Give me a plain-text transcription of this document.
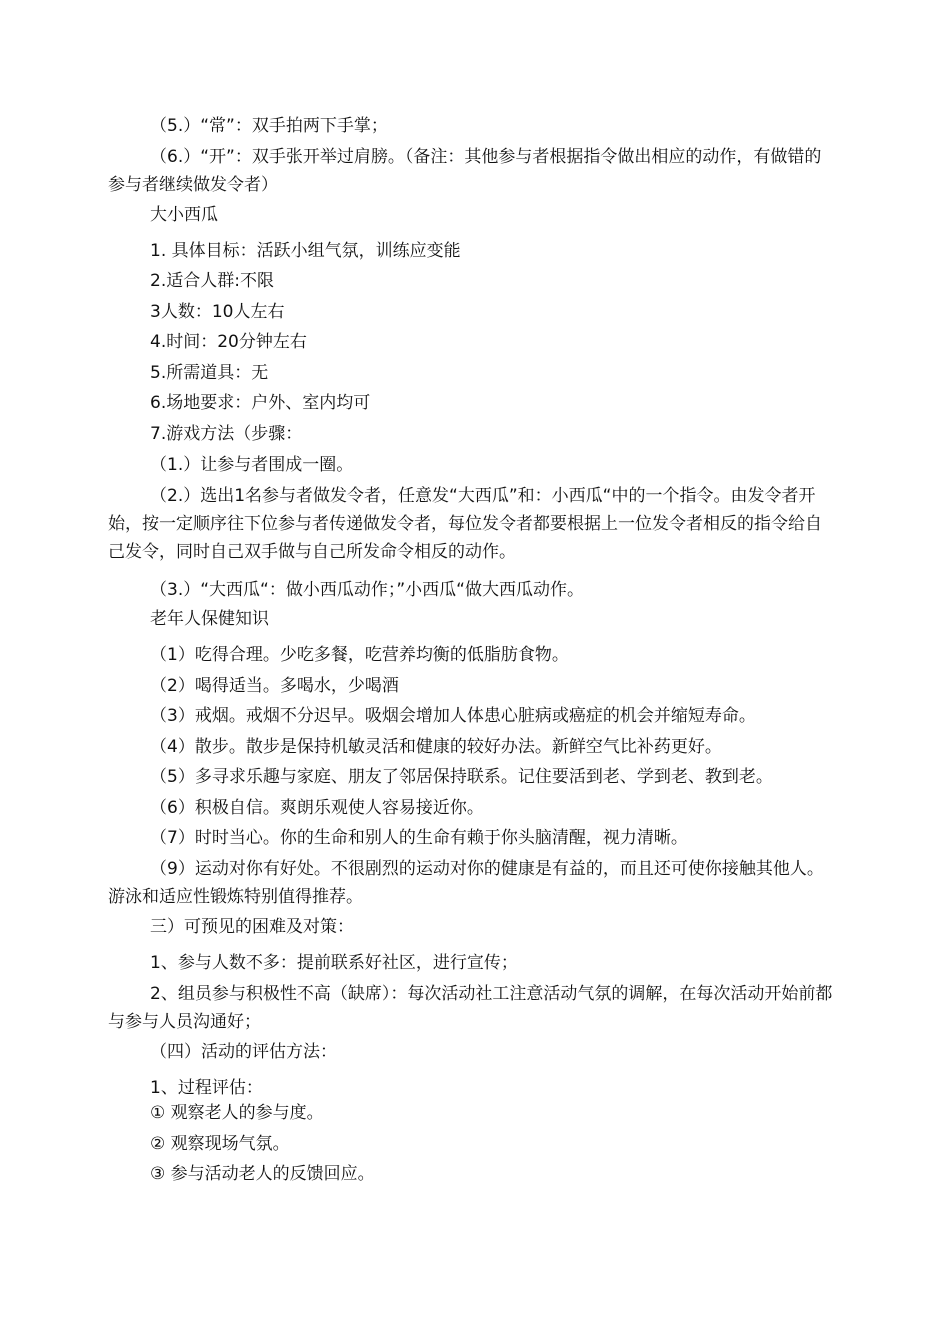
（5.）“常”：双手拍两下手掌；
（6.）“开”：双手张开举过肩膀。（备注：其他参与者根据指令做出相应的动作，有做错的参与者继续做发令者）
大小西瓜
1. 具体目标：活跃小组气氛，训练应变能
2.适合人群:不限
3人数：10人左右
4.时间：20分钟左右
5.所需道具：无
6.场地要求：户外、室内均可
7.游戏方法（步骤：
（1.）让参与者围成一圈。
（2.）选出1名参与者做发令者，任意发“大西瓜”和：小西瓜“中的一个指令。由发令者开始，按一定顺序往下位参与者传递做发令者，每位发令者都要根据上一位发令者相反的指令给自己发令，同时自己双手做与自己所发命令相反的动作。
（3.）“大西瓜“：做小西瓜动作；”小西瓜“做大西瓜动作。
老年人保健知识
（1）吃得合理。少吃多餐，吃营养均衡的低脂肪食物。
（2）喝得适当。多喝水，少喝酒
（3）戒烟。戒烟不分迟早。吸烟会增加人体患心脏病或癌症的机会并缩短寿命。
（4）散步。散步是保持机敏灵活和健康的较好办法。新鲜空气比补药更好。
（5）多寻求乐趣与家庭、朋友了邻居保持联系。记住要活到老、学到老、教到老。
（6）积极自信。爽朗乐观使人容易接近你。
（7）时时当心。你的生命和别人的生命有赖于你头脑清醒，视力清晰。
（9）运动对你有好处。不很剧烈的运动对你的健康是有益的，而且还可使你接触其他人。游泳和适应性锻炼特别值得推荐。
三）可预见的困难及对策：
1、参与人数不多：提前联系好社区，进行宣传；
2、组员参与积极性不高（缺席）：每次活动社工注意活动气氛的调解，在每次活动开始前都与参与人员沟通好；
（四）活动的评估方法：
1、过程评估：
① 观察老人的参与度。
② 观察现场气氛。
③ 参与活动老人的反馈回应。
